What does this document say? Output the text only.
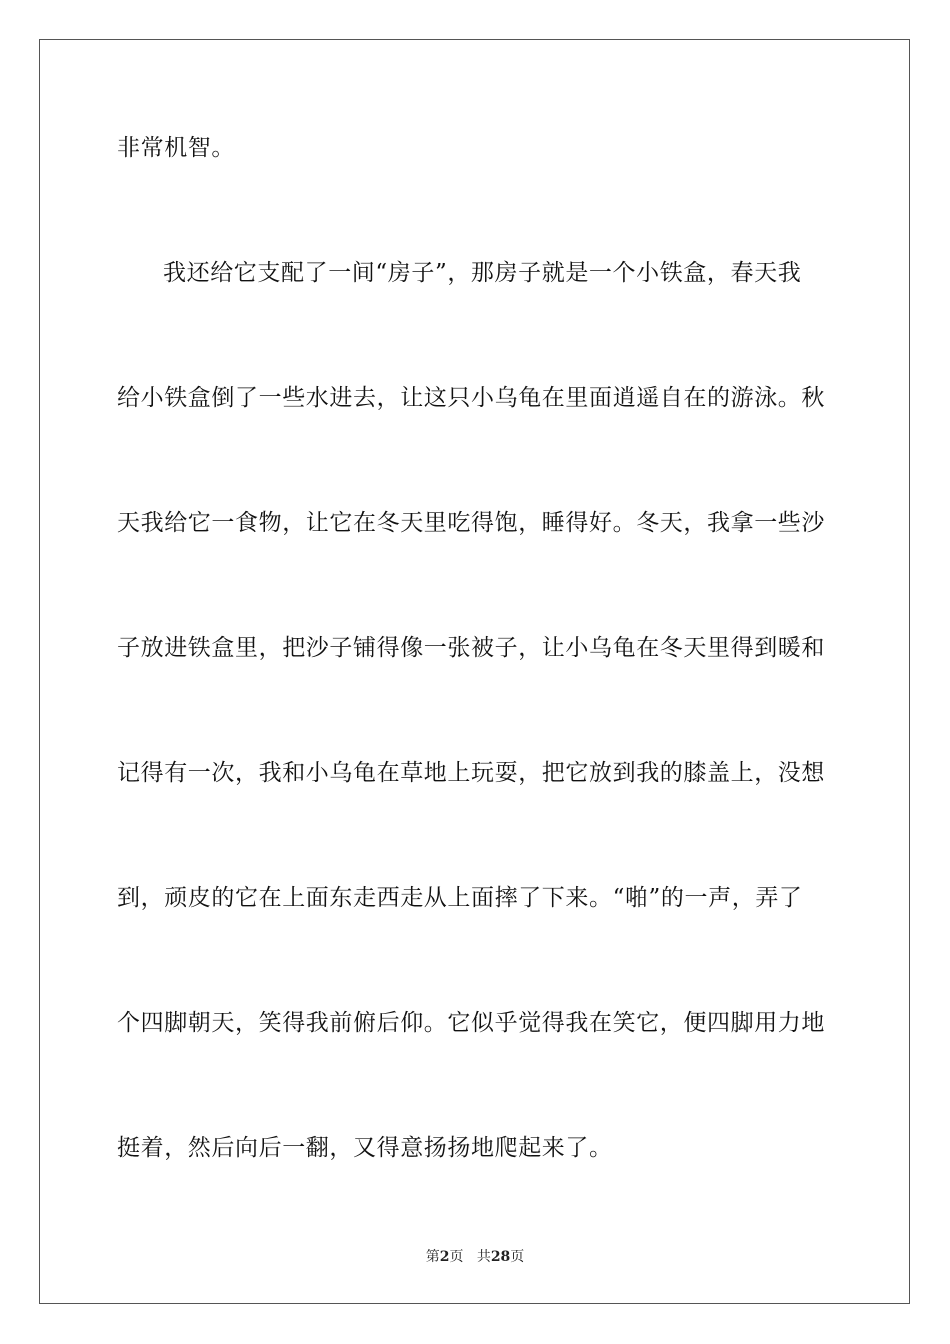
非常机智。
我还给它支配了一间“房子”，那房子就是一个小铁盒，春天我
给小铁盒倒了一些水进去，让这只小乌龟在里面逍遥自在的游泳。秋
天我给它一食物，让它在冬天里吃得饱，睡得好。冬天，我拿一些沙
子放进铁盒里，把沙子铺得像一张被子，让小乌龟在冬天里得到暖和
记得有一次，我和小乌龟在草地上玩耍，把它放到我的膝盖上，没想
到，顽皮的它在上面东走西走从上面摔了下来。“啪”的一声，弄了
个四脚朝天，笑得我前俯后仰。它似乎觉得我在笑它，便四脚用力地
挺着，然后向后一翻，又得意扬扬地爬起来了。
第2页 共28页
